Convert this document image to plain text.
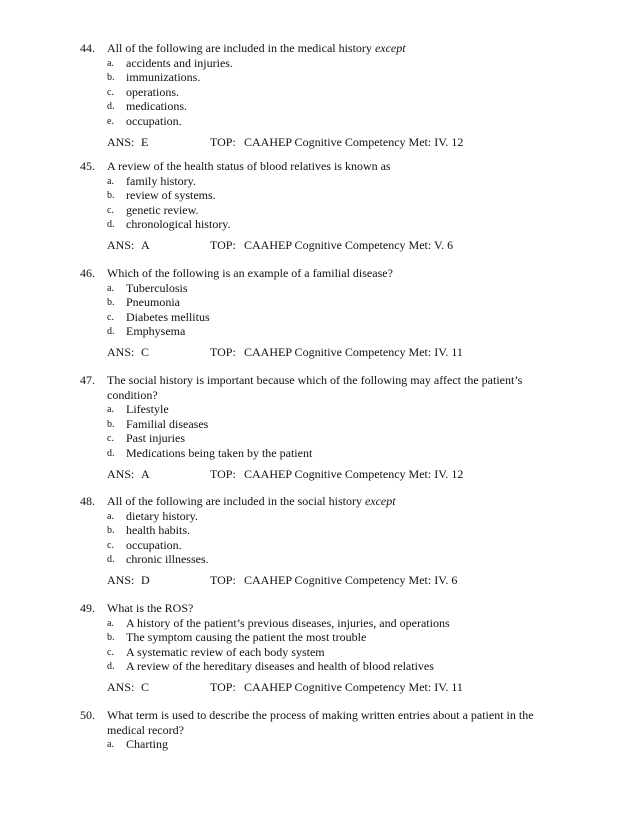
44. All of the following are included in the medical history except
a. accidents and injuries.
b. immunizations.
c. operations.
d. medications.
e. occupation.
ANS: E	TOP: CAAHEP Cognitive Competency Met: IV. 12
45. A review of the health status of blood relatives is known as
a. family history.
b. review of systems.
c. genetic review.
d. chronological history.
ANS: A	TOP: CAAHEP Cognitive Competency Met: V. 6
46. Which of the following is an example of a familial disease?
a. Tuberculosis
b. Pneumonia
c. Diabetes mellitus
d. Emphysema
ANS: C	TOP: CAAHEP Cognitive Competency Met: IV. 11
47. The social history is important because which of the following may affect the patient’s condition?
a. Lifestyle
b. Familial diseases
c. Past injuries
d. Medications being taken by the patient
ANS: A	TOP: CAAHEP Cognitive Competency Met: IV. 12
48. All of the following are included in the social history except
a. dietary history.
b. health habits.
c. occupation.
d. chronic illnesses.
ANS: D	TOP: CAAHEP Cognitive Competency Met: IV. 6
49. What is the ROS?
a. A history of the patient’s previous diseases, injuries, and operations
b. The symptom causing the patient the most trouble
c. A systematic review of each body system
d. A review of the hereditary diseases and health of blood relatives
ANS: C	TOP: CAAHEP Cognitive Competency Met: IV. 11
50. What term is used to describe the process of making written entries about a patient in the medical record?
a. Charting
